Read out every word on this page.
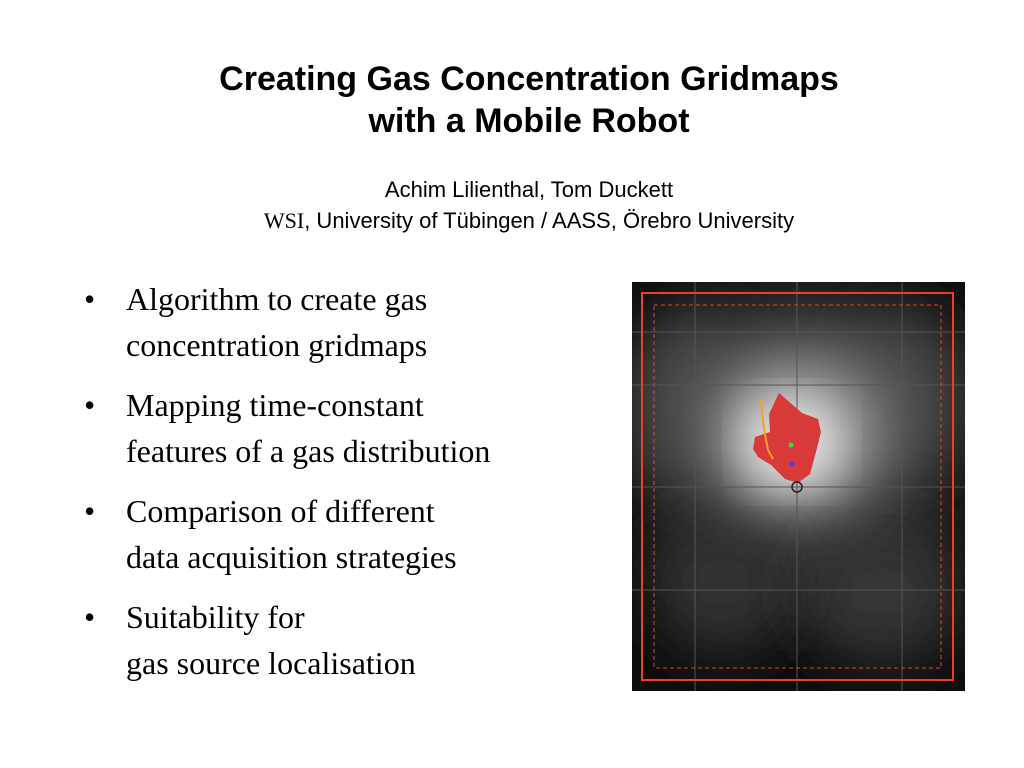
Creating Gas Concentration Gridmaps
with a Mobile Robot
Achim Lilienthal, Tom Duckett
WSI, University of Tübingen / AASS, Örebro University
• Algorithm to create gas
concentration gridmaps
• Mapping time-constant
features of a gas distribution
• Comparison of different
data acquisition strategies
• Suitability for
gas source localisation
